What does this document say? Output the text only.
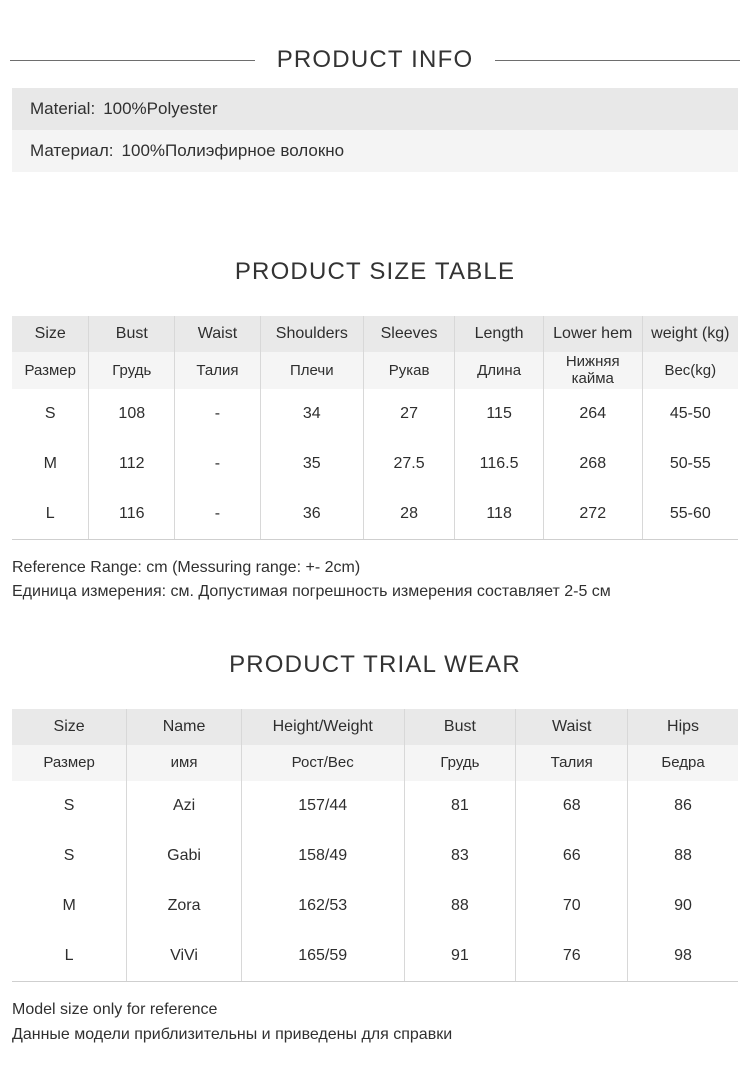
PRODUCT INFO
Material: 100%Polyester
Материал: 100%Полиэфирное волокно
PRODUCT SIZE TABLE
Size	Bust	Waist	Shoulders	Sleeves	Length	Lower hem	weight (kg)
Размер	Грудь	Талия	Плечи	Рукав	Длина	Нижняя кайма	Вес(kg)
S	108	-	34	27	115	264	45-50
M	112	-	35	27.5	116.5	268	50-55
L	116	-	36	28	118	272	55-60
Reference Range: cm (Messuring range: +- 2cm)
Единица измерения: см. Допустимая погрешность измерения составляет 2-5 см
PRODUCT TRIAL WEAR
Size	Name	Height/Weight	Bust	Waist	Hips
Размер	имя	Рост/Вес	Грудь	Талия	Бедра
S	Azi	157/44	81	68	86
S	Gabi	158/49	83	66	88
M	Zora	162/53	88	70	90
L	ViVi	165/59	91	76	98
Model size only for reference
Данные модели приблизительны и приведены для справки
